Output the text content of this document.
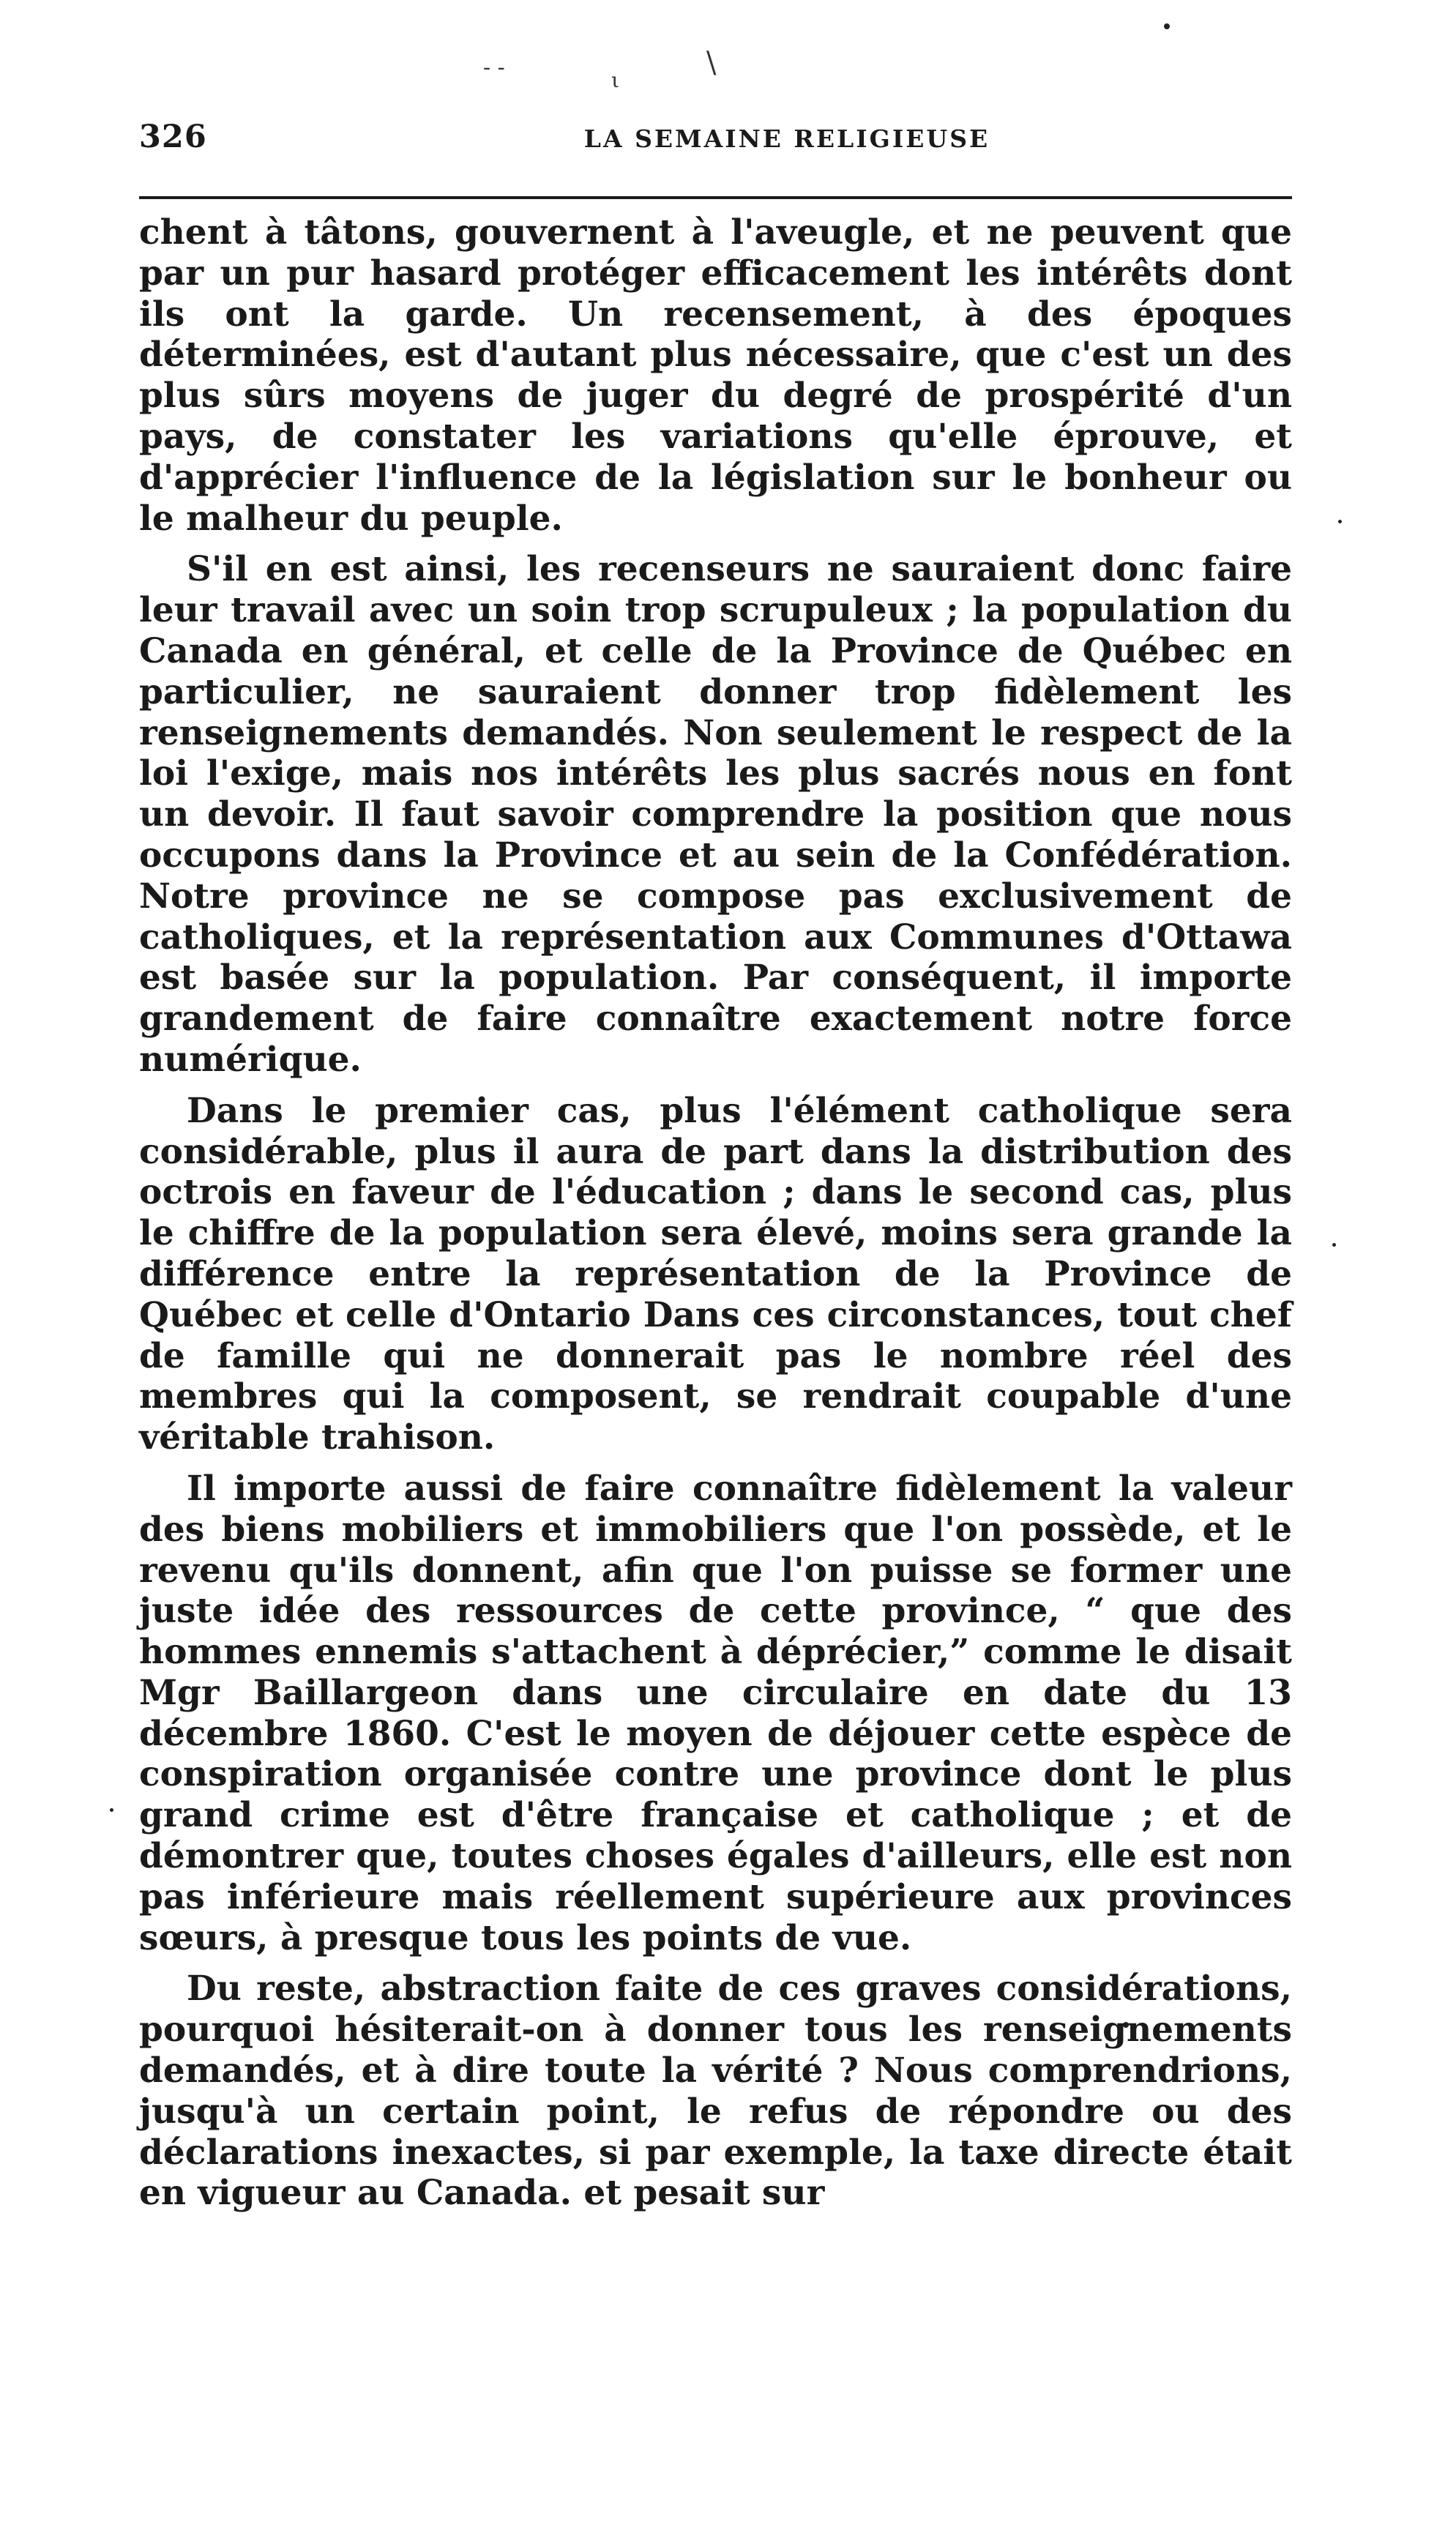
\
- -	ι
326	LA SEMAINE RELIGIEUSE

chent à tâtons, gouvernent à l'aveugle, et ne peuvent que par un pur hasard protéger efficacement les intérêts dont ils ont la garde. Un recensement, à des époques déterminées, est d'autant plus nécessaire, que c'est un des plus sûrs moyens de juger du degré de prospérité d'un pays, de constater les variations qu'elle éprouve, et d'apprécier l'influence de la législation sur le bonheur ou le malheur du peuple.

S'il en est ainsi, les recenseurs ne sauraient donc faire leur travail avec un soin trop scrupuleux ; la population du Canada en général, et celle de la Province de Québec en particulier, ne sauraient donner trop fidèlement les renseignements demandés. Non seulement le respect de la loi l'exige, mais nos intérêts les plus sacrés nous en font un devoir. Il faut savoir comprendre la position que nous occupons dans la Province et au sein de la Confédération. Notre province ne se compose pas exclusivement de catholiques, et la représentation aux Communes d'Ottawa est basée sur la population. Par conséquent, il importe grandement de faire connaître exactement notre force numérique.

Dans le premier cas, plus l'élément catholique sera considérable, plus il aura de part dans la distribution des octrois en faveur de l'éducation ; dans le second cas, plus le chiffre de la population sera élevé, moins sera grande la différence entre la représentation de la Province de Québec et celle d'Ontario Dans ces circonstances, tout chef de famille qui ne donnerait pas le nombre réel des membres qui la composent, se rendrait coupable d'une véritable trahison.

Il importe aussi de faire connaître fidèlement la valeur des biens mobiliers et immobiliers que l'on possède, et le revenu qu'ils donnent, afin que l'on puisse se former une juste idée des ressources de cette province, “ que des hommes ennemis s'attachent à déprécier,” comme le disait Mgr Baillargeon dans une circulaire en date du 13 décembre 1860. C'est le moyen de déjouer cette espèce de conspiration organisée contre une province dont le plus grand crime est d'être française et catholique ; et de démontrer que, toutes choses égales d'ailleurs, elle est non pas inférieure mais réellement supérieure aux provinces sœurs, à presque tous les points de vue.

Du reste, abstraction faite de ces graves considérations, pourquoi hésiterait-on à donner tous les renseignements demandés, et à dire toute la vérité ? Nous comprendrions, jusqu'à un certain point, le refus de répondre ou des déclarations inexactes, si par exemple, la taxe directe était en vigueur au Canada. et pesait sur
